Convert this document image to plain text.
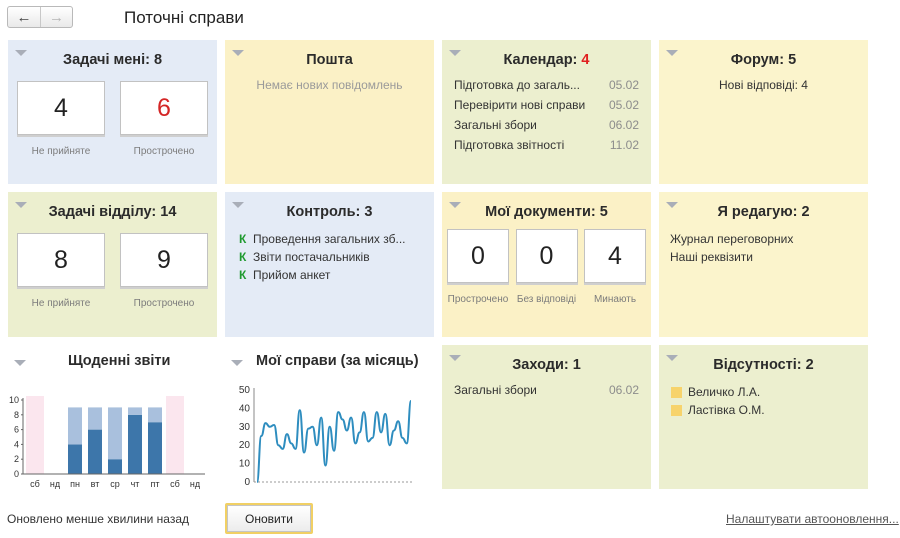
← →	Поточні справи
Задачі мені: 8
4
Не прийняте
6
Прострочено
Пошта
Немає нових повідомлень
Календар: 4
Підготовка до загаль... 05.02
Перевірити нові справи 05.02
Загальні збори	06.02
Підготовка звітності	11.02
Форум: 5
Нові відповіді: 4
Задачі відділу: 14
8
Не прийняте
9
Прострочено
Контроль: 3
К Проведення загальних зб...
К Звіти постачальників
К Прийом анкет
Мої документи: 5
0
Прострочено
0
Без відповіді
4
Минають
Я редагую: 2
Журнал переговорних
Наші реквізити
Щоденні звіти
0
2
4
6
8
10
сб нд пн вт ср чт пт сб нд
Мої справи (за місяць)
0
10
20
30
40
50
Заходи: 1
Загальні збори	06.02
Відсутності: 2
Величко Л.А.
Ластівка О.М.
Оновлено менше хвилини назад	Оновити	Налаштувати автооновлення...
